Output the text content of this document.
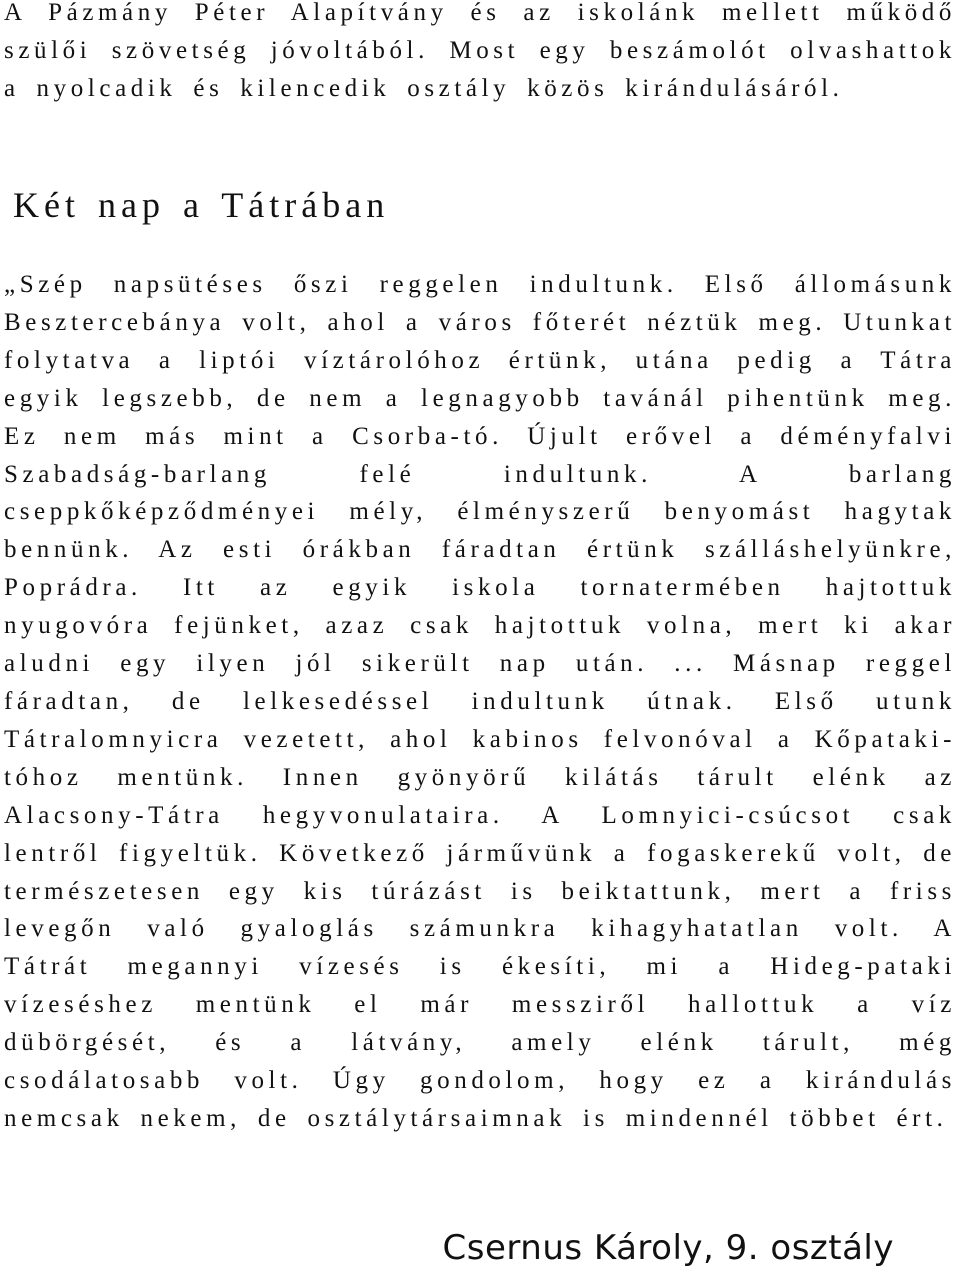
A Pázmány Péter Alapítvány és az iskolánk mellett működő szülői szövetség jóvoltából. Most egy beszámolót olvashattok a nyolcadik és kilencedik osztály közös kirándulásáról.

Két nap a Tátrában

„Szép napsütéses őszi reggelen indultunk. Első állomásunk Besztercebánya volt, ahol a város főterét néztük meg. Utunkat folytatva a liptói víztárolóhoz értünk, utána pedig a Tátra egyik legszebb, de nem a legnagyobb taván​ál pihentünk meg. Ez nem más mint a Csorba-tó. Újult erővel a dém​ényfalvi Szabadság-barlang felé indultunk. A barlang cseppkőképződményei mély, élményszerű benyomást hagytak bennünk. Az esti órákban fáradtan értünk szálláshelyünkre, Poprádra. Itt az egyik iskola tornatermében hajtottuk nyugovóra fejünket, azaz csak hajtottuk volna, mert ki akar aludni egy ilyen jól sikerült nap után. ... Másnap reggel fáradtan, de lelkesedéssel indultunk útnak. Első utunk Tátralomnyicra vezetett, ahol kabinos felvonóval a Kőpataki-tóhoz mentünk. Innen gyönyörű kilátás tárult elénk az Alacsony-Tátra hegyvonulataira. A Lomnyici-csúcsot csak lentről figyeltük. Következő járművünk a fogaskerekű volt, de természetesen egy kis túrázást is beiktattunk, mert a friss levegőn való gyaloglás számunkra kihagyhatatlan volt. A Tátrát megannyi vízesés is ékesíti, mi a Hideg-pataki vízeséshez mentünk el már messziről hallottuk a víz dübörgését, és a látvány, amely elénk tárult, még csodálatosabb volt. Úgy gondolom, hogy ez a kirándulás nemcsak nekem, de osztálytársaimnak is mindennél többet ért.

Csernus Károly, 9. osztály
